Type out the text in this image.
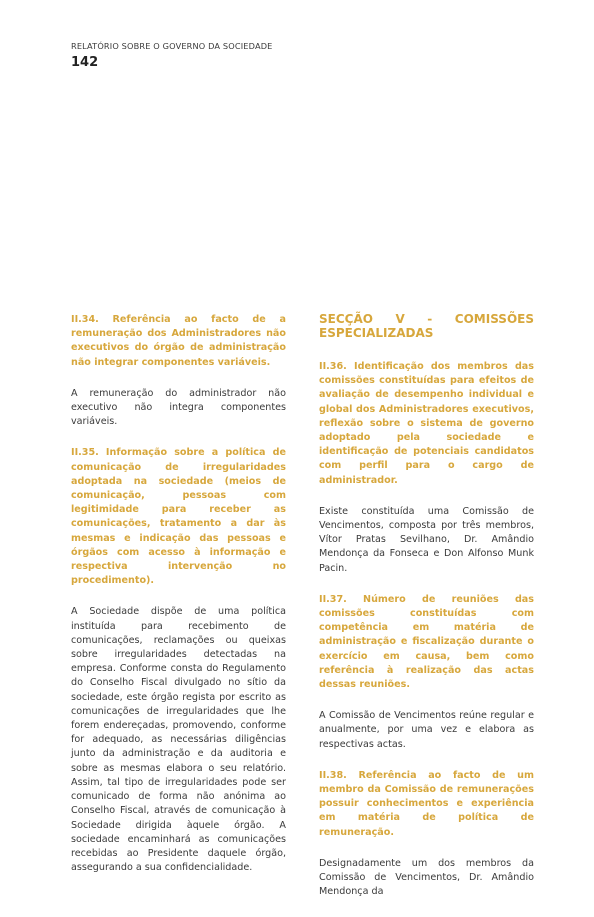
RELATÓRIO SOBRE O GOVERNO DA SOCIEDADE
142

II.34. Referência ao facto de a remuneração dos Administradores não executivos do órgão de administração não integrar componentes variáveis.

A remuneração do administrador não executivo não integra componentes variáveis.

II.35. Informação sobre a política de comunicação de irregularidades adoptada na sociedade (meios de comunicação, pessoas com legitimidade para receber as comunicações, tratamento a dar às mesmas e indicação das pessoas e órgãos com acesso à informação e respectiva intervenção no procedimento).

A Sociedade dispõe de uma política instituída para recebimento de comunicações, reclamações ou queixas sobre irregularidades detectadas na empresa. Conforme consta do Regulamento do Conselho Fiscal divulgado no sítio da sociedade, este órgão regista por escrito as comunicações de irregularidades que lhe forem endereçadas, promovendo, conforme for adequado, as necessárias diligências junto da administração e da auditoria e sobre as mesmas elabora o seu relatório. Assim, tal tipo de irregularidades pode ser comunicado de forma não anónima ao Conselho Fiscal, através de comunicação à Sociedade dirigida àquele órgão. A sociedade encaminhará as comunicações recebidas ao Presidente daquele órgão, assegurando a sua confidencialidade.

SECÇÃO V - COMISSÕES ESPECIALIZADAS

II.36. Identificação dos membros das comissões constituídas para efeitos de avaliação de desempenho individual e global dos Administradores executivos, reflexão sobre o sistema de governo adoptado pela sociedade e identificação de potenciais candidatos com perfil para o cargo de administrador.

Existe constituída uma Comissão de Vencimentos, composta por três membros, Vítor Pratas Sevilhano, Dr. Amândio Mendonça da Fonseca e Don Alfonso Munk Pacin.

II.37. Número de reuniões das comissões constituídas com competência em matéria de administração e fiscalização durante o exercício em causa, bem como referência à realização das actas dessas reuniões.

A Comissão de Vencimentos reúne regular e anualmente, por uma vez e elabora as respectivas actas.

II.38. Referência ao facto de um membro da Comissão de remunerações possuir conhecimentos e experiência em matéria de política de remuneração.

Designadamente um dos membros da Comissão de Vencimentos, Dr. Amândio Mendonça da
